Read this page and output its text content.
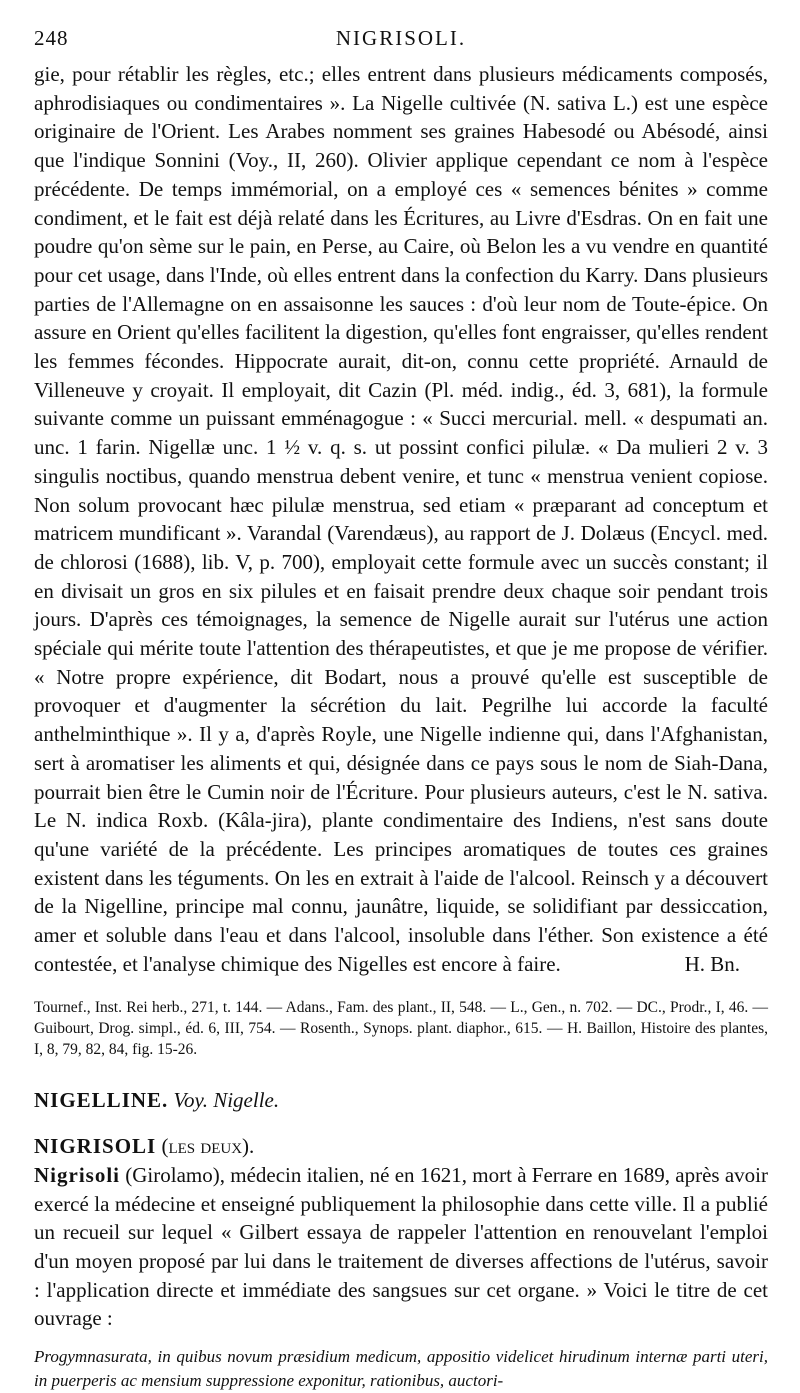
248	NIGRISOLI.
gie, pour rétablir les règles, etc.; elles entrent dans plusieurs médicaments composés, aphrodisiaques ou condimentaires ». La Nigelle cultivée (N. sativa L.) est une espèce originaire de l'Orient. Les Arabes nomment ses graines Habesodé ou Abésodé, ainsi que l'indique Sonnini (Voy., II, 260). Olivier applique cependant ce nom à l'espèce précédente. De temps immémorial, on a employé ces « semences bénites » comme condiment, et le fait est déjà relaté dans les Écritures, au Livre d'Esdras. On en fait une poudre qu'on sème sur le pain, en Perse, au Caire, où Belon les a vu vendre en quantité pour cet usage, dans l'Inde, où elles entrent dans la confection du Karry. Dans plusieurs parties de l'Allemagne on en assaisonne les sauces : d'où leur nom de Toute-épice. On assure en Orient qu'elles facilitent la digestion, qu'elles font engraisser, qu'elles rendent les femmes fécondes. Hippocrate aurait, dit-on, connu cette propriété. Arnauld de Villeneuve y croyait. Il employait, dit Cazin (Pl. méd. indig., éd. 3, 681), la formule suivante comme un puissant emménagogue : « Succi mercurial. mell. « despumati an. unc. 1 farin. Nigellæ unc. 1 ½ v. q. s. ut possint confici pilulæ. « Da mulieri 2 v. 3 singulis noctibus, quando menstrua debent venire, et tunc « menstrua venient copiose. Non solum provocant hæc pilulæ menstrua, sed etiam « præparant ad conceptum et matricem mundificant ». Varandal (Varendæus), au rapport de J. Dolæus (Encycl. med. de chlorosi (1688), lib. V, p. 700), employait cette formule avec un succès constant; il en divisait un gros en six pilules et en faisait prendre deux chaque soir pendant trois jours. D'après ces témoignages, la semence de Nigelle aurait sur l'utérus une action spéciale qui mérite toute l'attention des thérapeutistes, et que je me propose de vérifier. « Notre propre expérience, dit Bodart, nous a prouvé qu'elle est susceptible de provoquer et d'augmenter la sécrétion du lait. Pegrilhe lui accorde la faculté anthelminthique ». Il y a, d'après Royle, une Nigelle indienne qui, dans l'Afghanistan, sert à aromatiser les aliments et qui, désignée dans ce pays sous le nom de Siah-Dana, pourrait bien être le Cumin noir de l'Écriture. Pour plusieurs auteurs, c'est le N. sativa. Le N. indica Roxb. (Kâla-jira), plante condimentaire des Indiens, n'est sans doute qu'une variété de la précédente. Les principes aromatiques de toutes ces graines existent dans les téguments. On les en extrait à l'aide de l'alcool. Reinsch y a découvert de la Nigelline, principe mal connu, jaunâtre, liquide, se solidifiant par dessiccation, amer et soluble dans l'eau et dans l'alcool, insoluble dans l'éther. Son existence a été contestée, et l'analyse chimique des Nigelles est encore à faire.	H. Bn.
Tournef., Inst. Rei herb., 271, t. 144. — Adans., Fam. des plant., II, 548. — L., Gen., n. 702. — DC., Prodr., I, 46. — Guibourt, Drog. simpl., éd. 6, III, 754. — Rosenth., Synops. plant. diaphor., 615. — H. Baillon, Histoire des plantes, I, 8, 79, 82, 84, fig. 15-26.
NIGELLINE. Voy. Nigelle.
NIGRISOLI (les deux).
Nigrisoli (Girolamo), médecin italien, né en 1621, mort à Ferrare en 1689, après avoir exercé la médecine et enseigné publiquement la philosophie dans cette ville. Il a publié un recueil sur lequel « Gilbert essaya de rappeler l'attention en renouvelant l'emploi d'un moyen proposé par lui dans le traitement de diverses affections de l'utérus, savoir : l'application directe et immédiate des sangsues sur cet organe. » Voici le titre de cet ouvrage :
Progymnasurata, in quibus novum præsidium medicum, appositio videlicet hirudinum internæ parti uteri, in puerperis ac mensium suppressione exponitur, rationibus, auctori-
